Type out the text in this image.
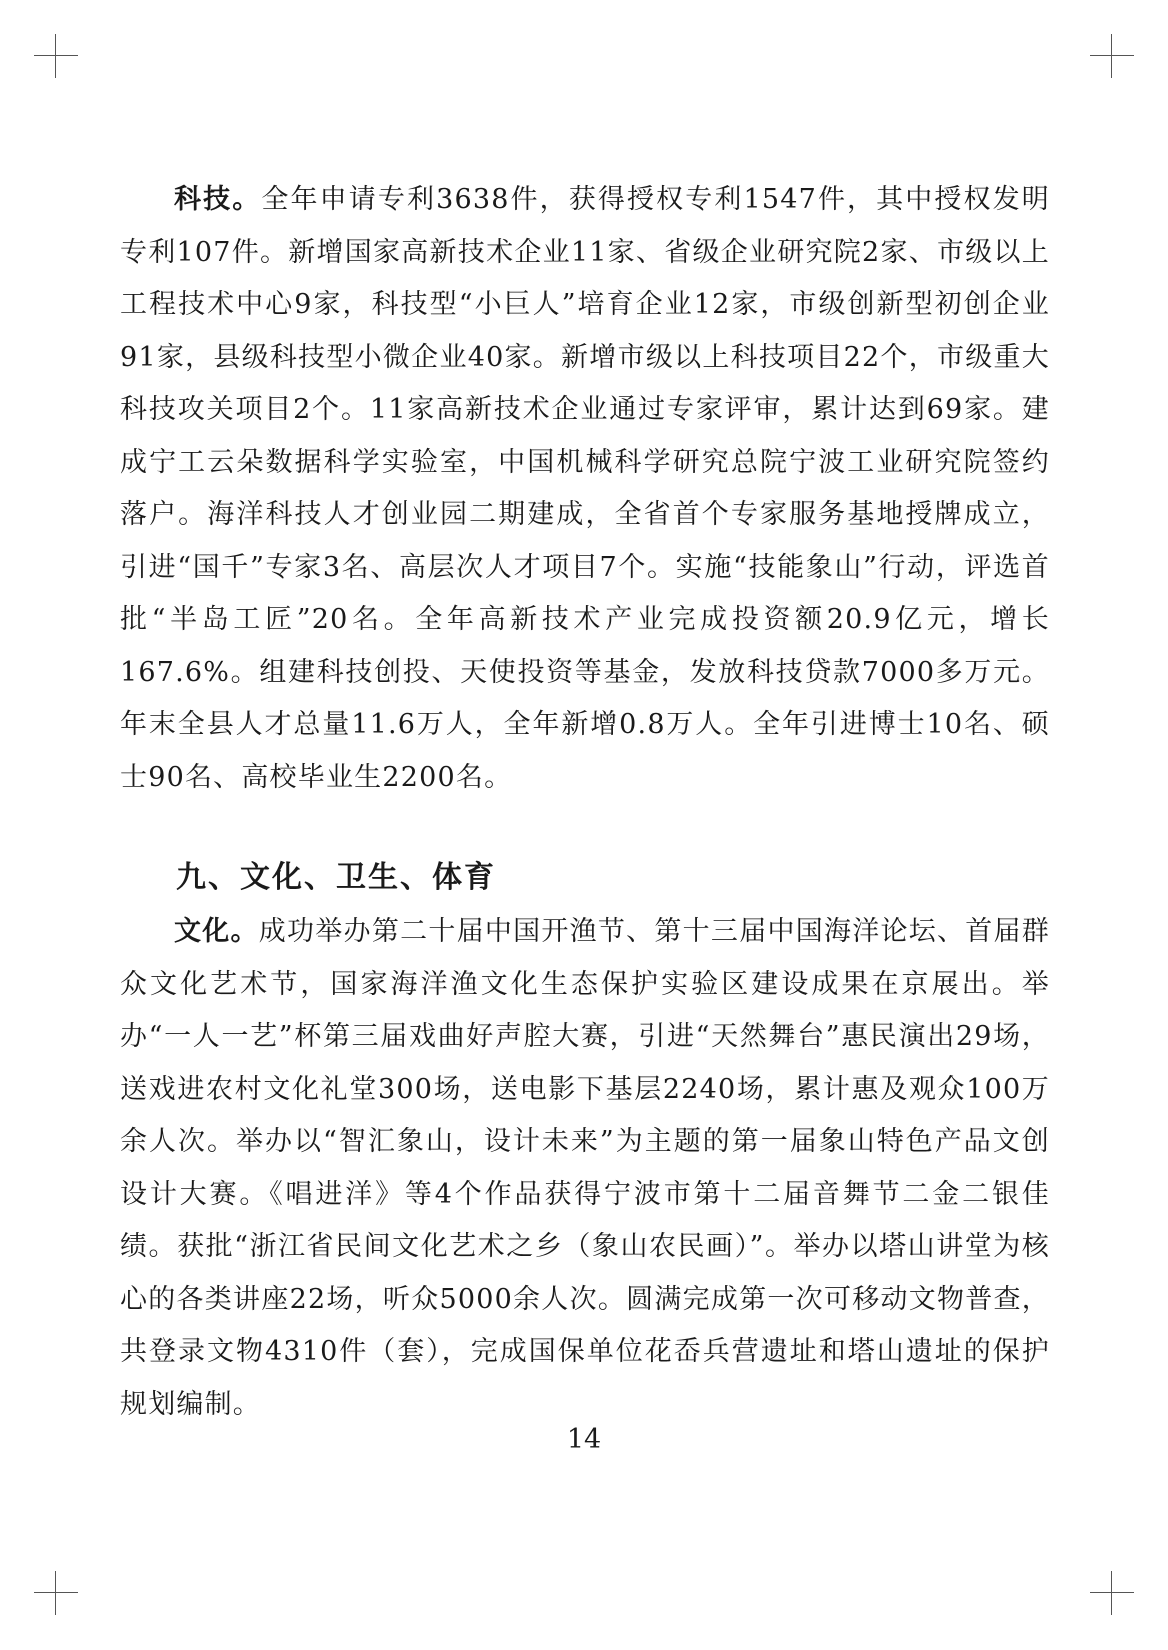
科技。全年申请专利3638件，获得授权专利1547件，其中授权发明专利107件。新增国家高新技术企业11家、省级企业研究院2家、市级以上工程技术中心9家，科技型“小巨人”培育企业12家，市级创新型初创企业91家，县级科技型小微企业40家。新增市级以上科技项目22个，市级重大科技攻关项目2个。11家高新技术企业通过专家评审，累计达到69家。建成宁工云朵数据科学实验室，中国机械科学研究总院宁波工业研究院签约落户。海洋科技人才创业园二期建成，全省首个专家服务基地授牌成立，引进“国千”专家3名、高层次人才项目7个。实施“技能象山”行动，评选首批“半岛工匠”20名。全年高新技术产业完成投资额20.9亿元，增长167.6%。组建科技创投、天使投资等基金，发放科技贷款7000多万元。年末全县人才总量11.6万人，全年新增0.8万人。全年引进博士10名、硕士90名、高校毕业生2200名。

九、文化、卫生、体育

文化。成功举办第二十届中国开渔节、第十三届中国海洋论坛、首届群众文化艺术节，国家海洋渔文化生态保护实验区建设成果在京展出。举办“一人一艺”杯第三届戏曲好声腔大赛，引进“天然舞台”惠民演出29场，送戏进农村文化礼堂300场，送电影下基层2240场，累计惠及观众100万余人次。举办以“智汇象山，设计未来”为主题的第一届象山特色产品文创设计大赛。《唱进洋》等4个作品获得宁波市第十二届音舞节二金二银佳绩。获批“浙江省民间文化艺术之乡（象山农民画）”。举办以塔山讲堂为核心的各类讲座22场，听众5000余人次。圆满完成第一次可移动文物普查，共登录文物4310件（套），完成国保单位花岙兵营遗址和塔山遗址的保护规划编制。

14
